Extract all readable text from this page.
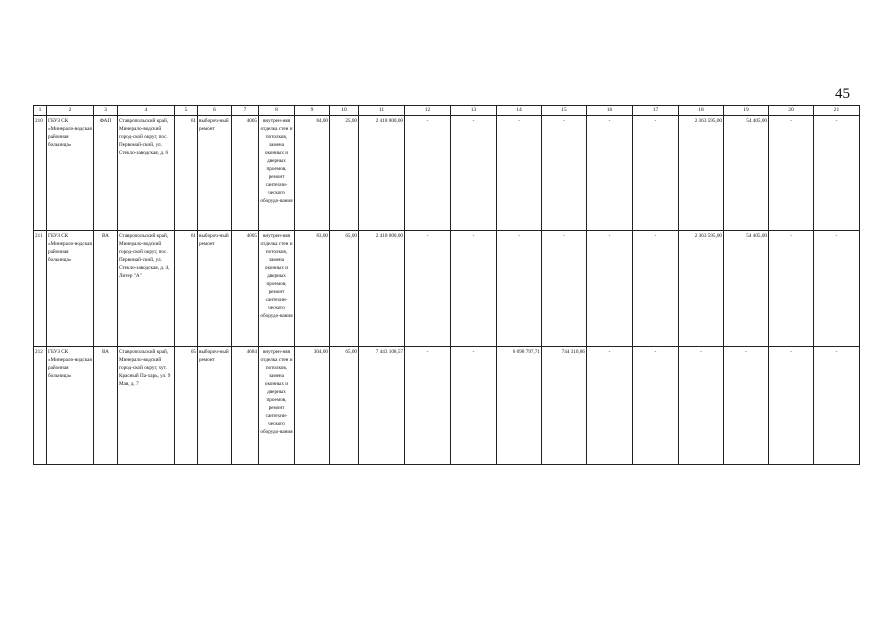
45
1	2	3	4	5	6	7	8	9	10	11	12	13	14	15	16	17	18	19	20	21
210	ГБУЗ СК «Минерало-водская районная больница»	ФАП	Ставропольский край, Минерало-водский город-ской округ, пос. Первомай-ский, ул. Стекло-заводская, д. 6	61	выбороч-ный ремонт	4005	внутрен-няя отделка стен и потолков, замена оконных и дверных проемов, ремонт сантехни-ческого оборудо-вания	84,00	25,00	2 418 000,00	-	-	-	-	-	-	2 363 595,00	54 405,00	-	-
211	ГБУЗ СК «Минерало-водская районная больница»	ВА	Ставропольский край, Минерало-водский город-ской округ, пос. Первомай-ский, ул. Стекло-заводская, д. 4, Литер "А"	61	выбороч-ный ремонт	4005	внутрен-няя отделка стен и потолков, замена оконных и дверных проемов, ремонт сантехни-ческого оборудо-вания	83,00	65,00	2 418 000,00	-	-	-	-	-	-	2 363 595,00	54 405,00	-	-
212	ГБУЗ СК «Минерало-водская районная больница»	ВА	Ставропольский край, Минерало-водский город-ской округ, хут. Красный Па-харь, ул. 9 Мая, д. 7	65	выбороч-ный ремонт	4684	внутрен-няя отделка стен и потолков, замена оконных и дверных проемов, ремонт сантехни-ческого оборудо-вания	304,00	65,00	7 443 108,57	-	-	6 698 797,71	744 310,86	-	-	-	-	-	-
